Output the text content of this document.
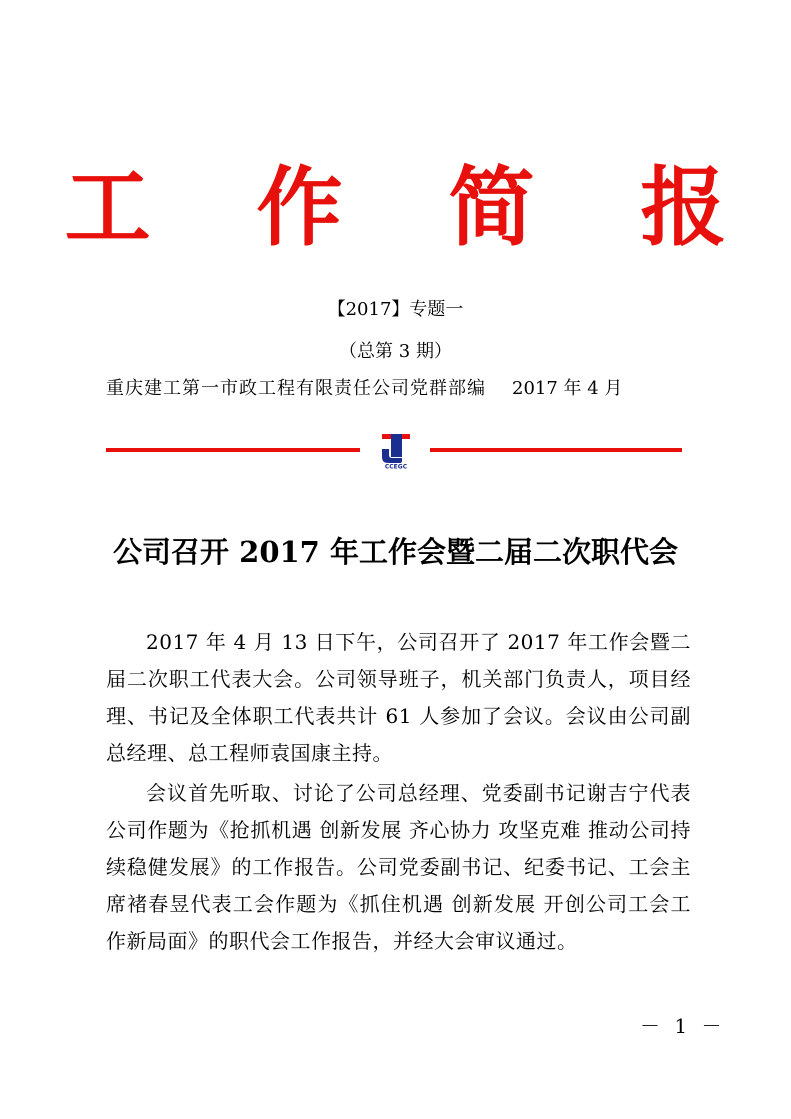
工 作 简 报
【2017】专题一
（总第 3 期）
重庆建工第一市政工程有限责任公司党群部编 2017 年 4 月
CCEGC
公司召开 2017 年工作会暨二届二次职代会

2017 年 4 月 13 日下午，公司召开了 2017 年工作会暨二届二次职工代表大会。公司领导班子，机关部门负责人，项目经理、书记及全体职工代表共计 61 人参加了会议。会议由公司副总经理、总工程师袁国康主持。

会议首先听取、讨论了公司总经理、党委副书记谢吉宁代表公司作题为《抢抓机遇 创新发展 齐心协力 攻坚克难 推动公司持续稳健发展》的工作报告。公司党委副书记、纪委书记、工会主席褚春昱代表工会作题为《抓住机遇 创新发展 开创公司工会工作新局面》的职代会工作报告，并经大会审议通过。

－ 1 －
